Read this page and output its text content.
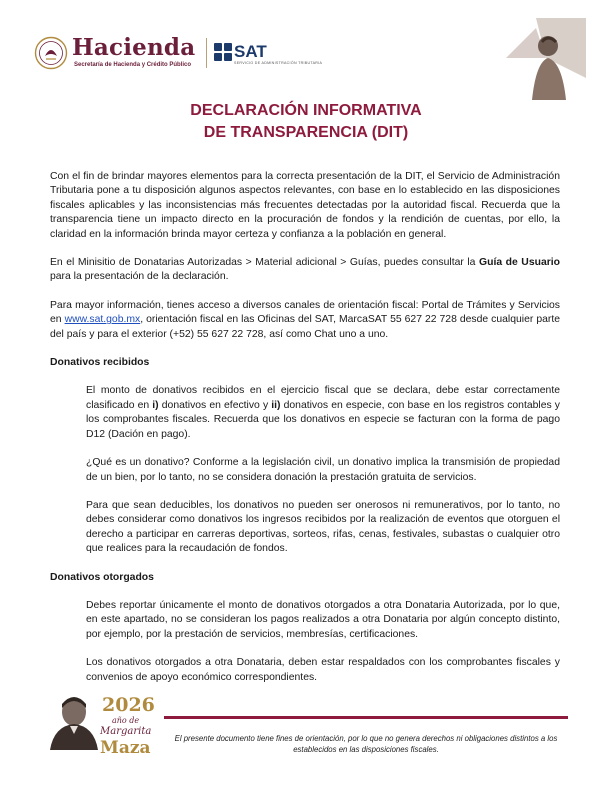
Hacienda
Secretaría de Hacienda y Crédito Público
SAT
SERVICIO DE ADMINISTRACIÓN TRIBUTARIA
DECLARACIÓN INFORMATIVA
DE TRANSPARENCIA (DIT)

Con el fin de brindar mayores elementos para la correcta presentación de la DIT, el Servicio de Administración Tributaria pone a tu disposición algunos aspectos relevantes, con base en lo establecido en las disposiciones fiscales aplicables y las inconsistencias más frecuentes detectadas por la autoridad fiscal. Recuerda que la transparencia tiene un impacto directo en la procuración de fondos y la rendición de cuentas, por ello, la claridad en la información brinda mayor certeza y confianza a la población en general.

En el Minisitio de Donatarias Autorizadas > Material adicional > Guías, puedes consultar la Guía de Usuario para la presentación de la declaración.

Para mayor información, tienes acceso a diversos canales de orientación fiscal: Portal de Trámites y Servicios en www.sat.gob.mx, orientación fiscal en las Oficinas del SAT, MarcaSAT 55 627 22 728 desde cualquier parte del país y para el exterior (+52) 55 627 22 728, así como Chat uno a uno.

Donativos recibidos
El monto de donativos recibidos en el ejercicio fiscal que se declara, debe estar correctamente clasificado en i) donativos en efectivo y ii) donativos en especie, con base en los registros contables y los comprobantes fiscales. Recuerda que los donativos en especie se facturan con la forma de pago D12 (Dación en pago).
¿Qué es un donativo? Conforme a la legislación civil, un donativo implica la transmisión de propiedad de un bien, por lo tanto, no se considera donación la prestación gratuita de servicios.
Para que sean deducibles, los donativos no pueden ser onerosos ni remunerativos, por lo tanto, no debes considerar como donativos los ingresos recibidos por la realización de eventos que otorguen el derecho a participar en carreras deportivas, sorteos, rifas, cenas, festivales, subastas o cualquier otro que realices para la recaudación de fondos.
Donativos otorgados
Debes reportar únicamente el monto de donativos otorgados a otra Donataria Autorizada, por lo que, en este apartado, no se consideran los pagos realizados a otra Donataria por algún concepto distinto, por ejemplo, por la prestación de servicios, membresías, certificaciones.
Los donativos otorgados a otra Donataria, deben estar respaldados con los comprobantes fiscales y convenios de apoyo económico correspondientes.
2026
año de
Margarita
Maza	El presente documento tiene fines de orientación, por lo que no genera derechos ni obligaciones distintos a los establecidos en las disposiciones fiscales.
